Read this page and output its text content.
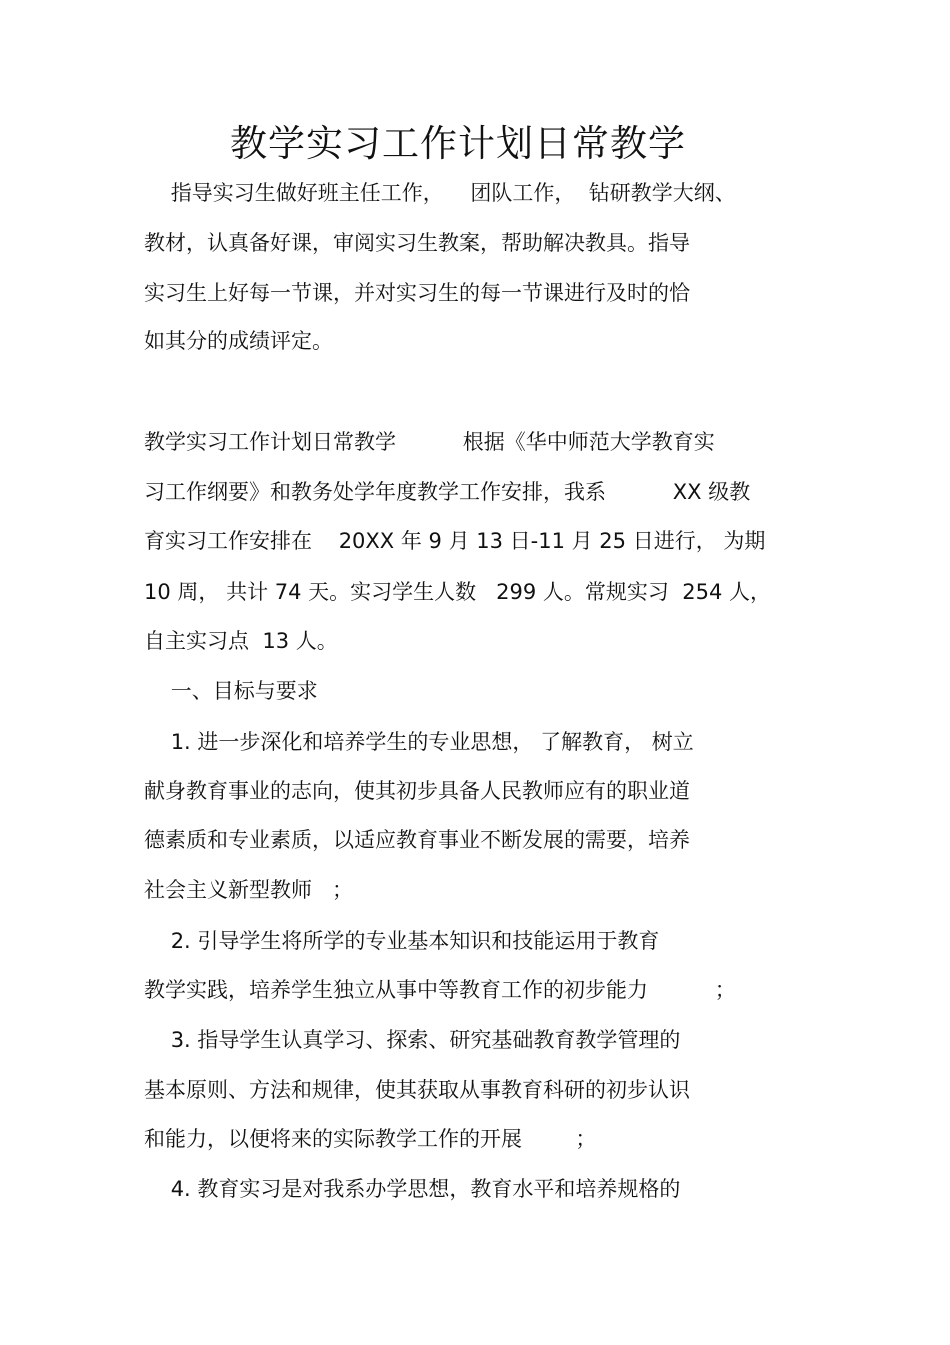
教学实习工作计划日常教学
指导实习生做好班主任工作，    团队工作，  钻研教学大纲、
教材，认真备好课，审阅实习生教案，帮助解决教具。指导
实习生上好每一节课，并对实习生的每一节课进行及时的恰
如其分的成绩评定。
教学实习工作计划日常教学          根据《华中师范大学教育实
习工作纲要》和教务处学年度教学工作安排，我系          XX 级教
育实习工作安排在    20XX 年 9 月 13 日-11 月 25 日进行， 为期
10 周， 共计 74 天。实习学生人数   299 人。常规实习  254 人，
自主实习点  13 人。
一、目标与要求
1. 进一步深化和培养学生的专业思想， 了解教育， 树立
献身教育事业的志向，使其初步具备人民教师应有的职业道
德素质和专业素质，以适应教育事业不断发展的需要，培养
社会主义新型教师   ；
2. 引导学生将所学的专业基本知识和技能运用于教育
教学实践，培养学生独立从事中等教育工作的初步能力          ；
3. 指导学生认真学习、探索、研究基础教育教学管理的
基本原则、方法和规律，使其获取从事教育科研的初步认识
和能力，以便将来的实际教学工作的开展        ；
4. 教育实习是对我系办学思想，教育水平和培养规格的
